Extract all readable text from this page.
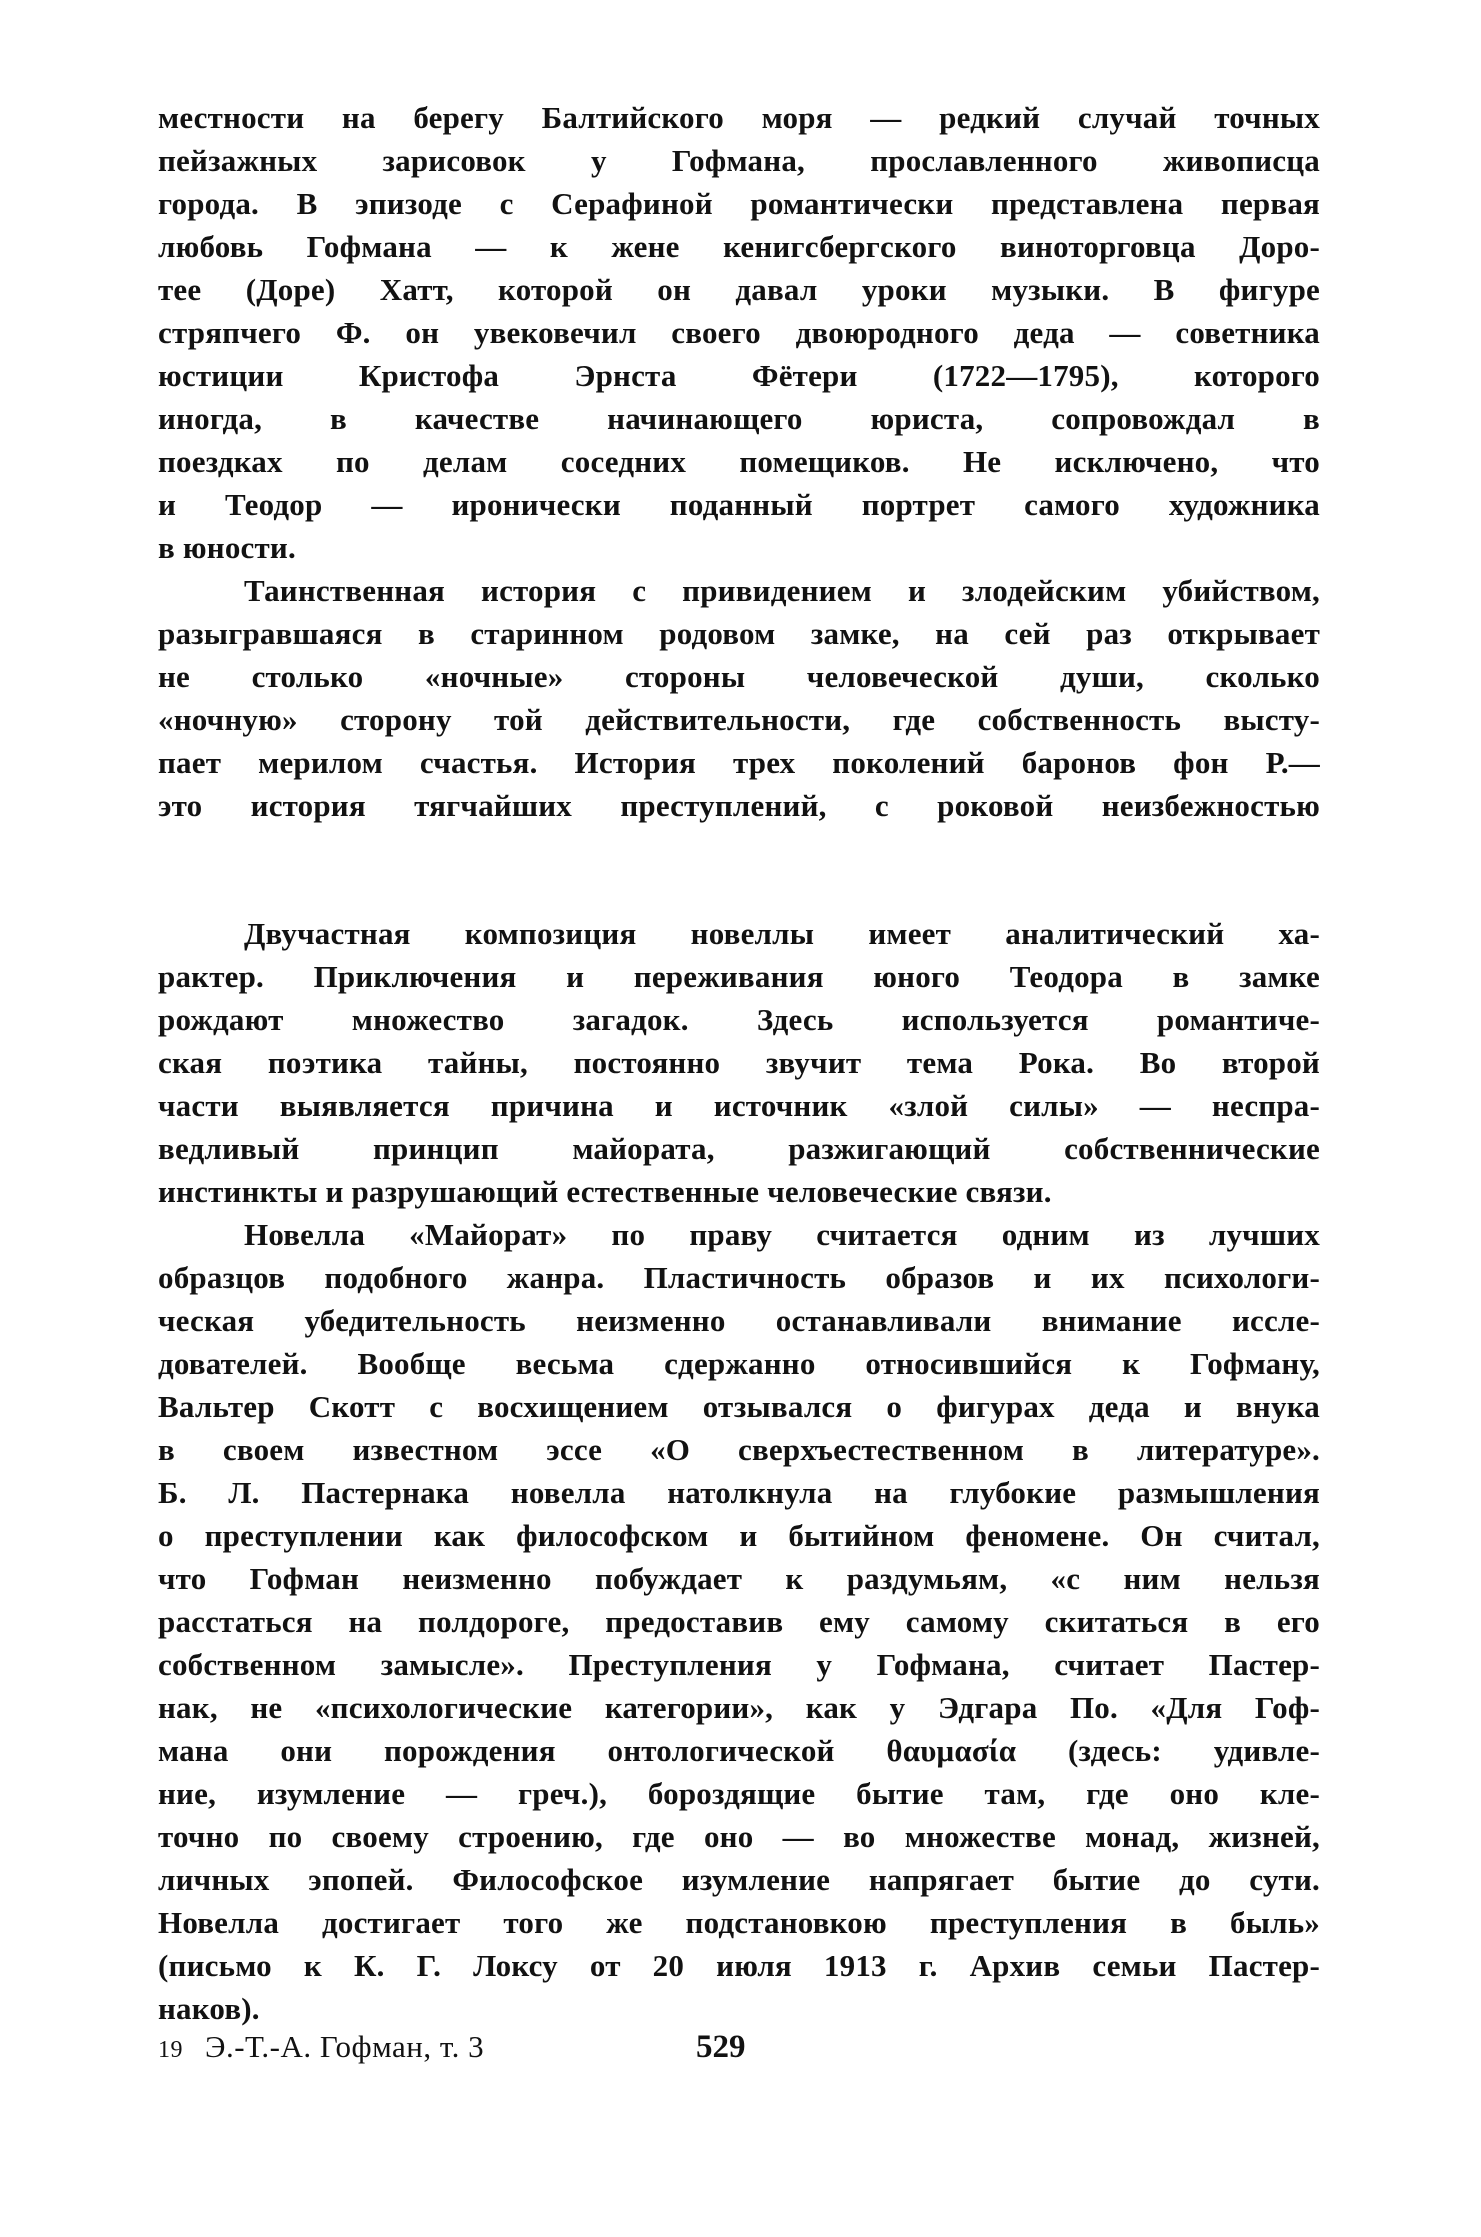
местности на берегу Балтийского моря — редкий случай точных
пейзажных зарисовок у Гофмана, прославленного живописца
города. В эпизоде с Серафиной романтически представлена первая
любовь Гофмана — к жене кенигсбергского виноторговца Доро-
тее (Доре) Хатт, которой он давал уроки музыки. В фигуре
стряпчего Ф. он увековечил своего двоюродного деда — советника
юстиции Кристофа Эрнста Фётери (1722—1795), которого
иногда, в качестве начинающего юриста, сопровождал в
поездках по делам соседних помещиков. Не исключено, что
и Теодор — иронически поданный портрет самого художника
в юности.
Таинственная история с привидением и злодейским убийством,
разыгравшаяся в старинном родовом замке, на сей раз открывает
не столько «ночные» стороны человеческой души, сколько
«ночную» сторону той действительности, где собственность высту-
пает мерилом счастья. История трех поколений баронов фон Р.—
это история тягчайших преступлений, с роковой неизбежностью
Двучастная композиция новеллы имеет аналитический ха-
рактер. Приключения и переживания юного Теодора в замке
рождают множество загадок. Здесь используется романтиче-
ская поэтика тайны, постоянно звучит тема Рока. Во второй
части выявляется причина и источник «злой силы» — неспра-
ведливый принцип майората, разжигающий собственнические
инстинкты и разрушающий естественные человеческие связи.
Новелла «Майорат» по праву считается одним из лучших
образцов подобного жанра. Пластичность образов и их психологи-
ческая убедительность неизменно останавливали внимание иссле-
дователей. Вообще весьма сдержанно относившийся к Гофману,
Вальтер Скотт с восхищением отзывался о фигурах деда и внука
в своем известном эссе «О сверхъестественном в литературе».
Б. Л. Пастернака новелла натолкнула на глубокие размышления
о преступлении как философском и бытийном феномене. Он считал,
что Гофман неизменно побуждает к раздумьям, «с ним нельзя
расстаться на полдороге, предоставив ему самому скитаться в его
собственном замысле». Преступления у Гофмана, считает Пастер-
нак, не «психологические категории», как у Эдгара По. «Для Гоф-
мана они порождения онтологической θαυμασία (здесь: удивле-
ние, изумление — греч.), бороздящие бытие там, где оно кле-
точно по своему строению, где оно — во множестве монад, жизней,
личных эпопей. Философское изумление напрягает бытие до сути.
Новелла достигает того же подстановкою преступления в быль»
(письмо к К. Г. Локсу от 20 июля 1913 г. Архив семьи Пастер-
наков).
19 Э.-Т.-А. Гофман, т. 3	529
